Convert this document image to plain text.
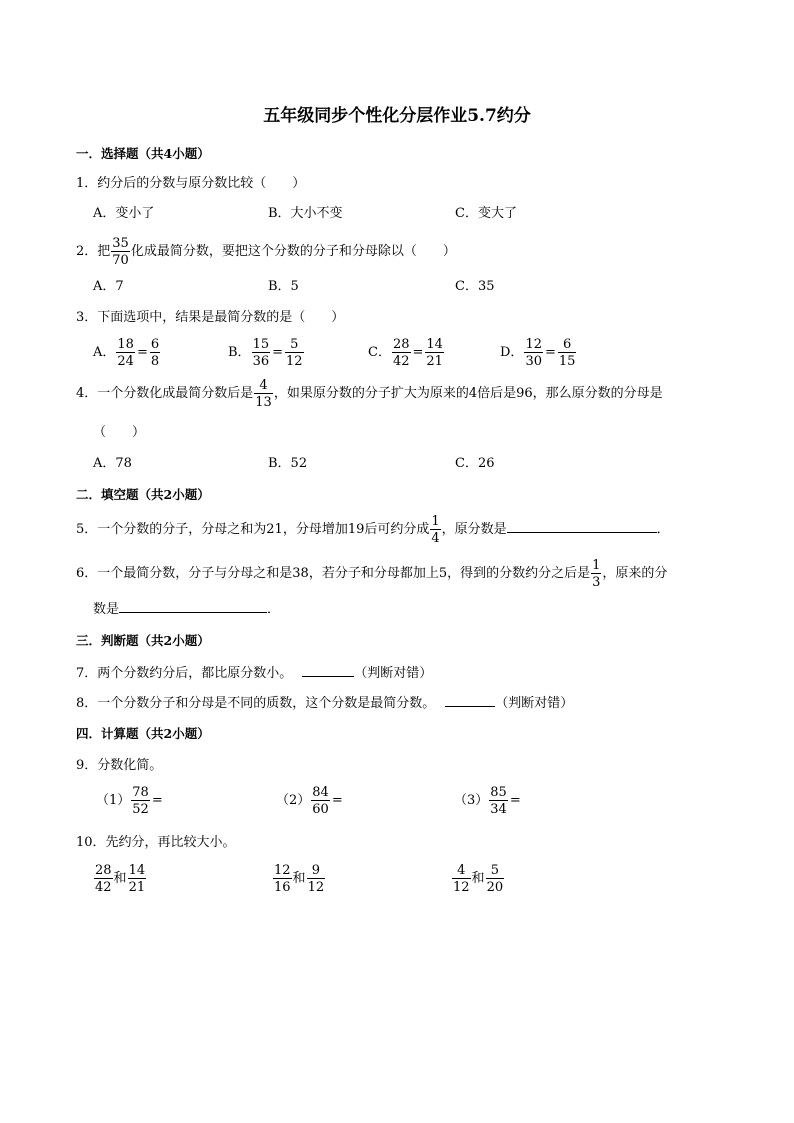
五年级同步个性化分层作业5.7约分
一．选择题（共4小题）
1．约分后的分数与原分数比较（　　）
A．变小了	B．大小不变	C．变大了
2．把 $\frac{35}{70}$ 化成最简分数，要把这个分数的分子和分母除以（　　）
A．7	B．5	C．35
3．下面选项中，结果是最简分数的是（　　）
A． $\frac{18}{24} = \frac{6}{8}$	B． $\frac{15}{36} = \frac{5}{12}$	C． $\frac{28}{42} = \frac{14}{21}$	D． $\frac{12}{30} = \frac{6}{15}$
4．一个分数化成最简分数后是 $\frac{4}{13}$ ，如果原分数的分子扩大为原来的4倍后是96，那么原分数的分母是
（　　）
A．78	B．52	C．26
二．填空题（共2小题）
5．一个分数的分子，分母之和为21，分母增加19后可约分成 $\frac{1}{4}$ ，原分数是	．
6．一个最简分数，分子与分母之和是38，若分子和分母都加上5，得到的分数约分之后是 $\frac{1}{3}$ ，原来的分
数是	．
三．判断题（共2小题）
7．两个分数约分后，都比原分数小。	（判断对错）
8．一个分数分子和分母是不同的质数，这个分数是最简分数。	（判断对错）
四．计算题（共2小题）
9．分数化简。
$(1) \frac{78}{52}$ =	$(2) \frac{84}{60}$ =	$(3) \frac{85}{34}$ =
10．先约分，再比较大小。
$\frac{28}{42}$ 和 $\frac{14}{21}$	$\frac{12}{16}$ 和 $\frac{9}{12}$	$\frac{4}{12}$ 和 $\frac{5}{20}$
